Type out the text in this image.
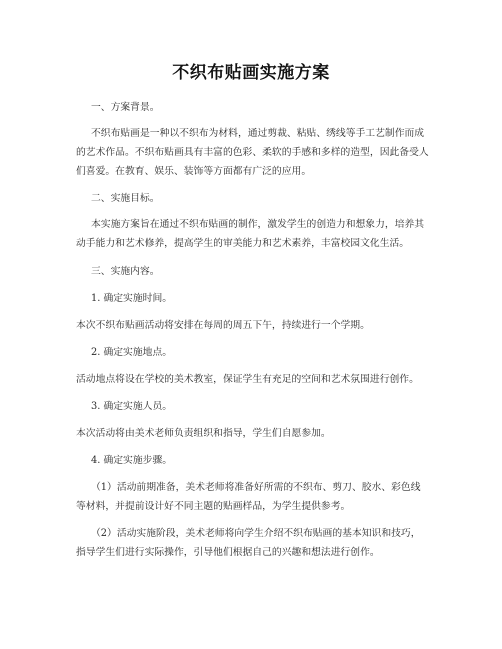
不织布贴画实施方案
一、方案背景。
不织布贴画是一种以不织布为材料，通过剪裁、粘贴、绣线等手工艺制作而成
的艺术作品。不织布贴画具有丰富的色彩、柔软的手感和多样的造型，因此备受人
们喜爱。在教育、娱乐、装饰等方面都有广泛的应用。
二、实施目标。
本实施方案旨在通过不织布贴画的制作，激发学生的创造力和想象力，培养其
动手能力和艺术修养，提高学生的审美能力和艺术素养，丰富校园文化生活。
三、实施内容。
1. 确定实施时间。
本次不织布贴画活动将安排在每周的周五下午，持续进行一个学期。
2. 确定实施地点。
活动地点将设在学校的美术教室，保证学生有充足的空间和艺术氛围进行创作。
3. 确定实施人员。
本次活动将由美术老师负责组织和指导，学生们自愿参加。
4. 确定实施步骤。
（1）活动前期准备，美术老师将准备好所需的不织布、剪刀、胶水、彩色线
等材料，并提前设计好不同主题的贴画样品，为学生提供参考。
（2）活动实施阶段，美术老师将向学生介绍不织布贴画的基本知识和技巧，
指导学生们进行实际操作，引导他们根据自己的兴趣和想法进行创作。
